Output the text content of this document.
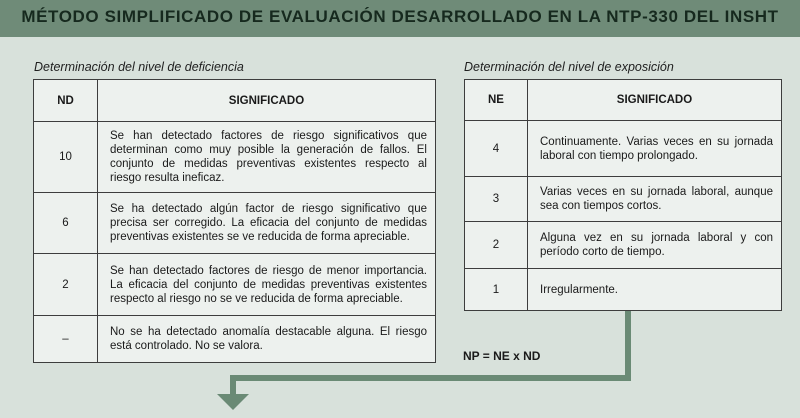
MÉTODO SIMPLIFICADO DE EVALUACIÓN DESARROLLADO EN LA NTP-330 DEL INSHT
Determinación del nivel de deficiencia	Determinación del nivel de exposición
ND	SIGNIFICADO
10	Se han detectado factores de riesgo significativos que determinan como muy posible la generación de fallos. El conjunto de medidas preventivas existentes respecto al riesgo resulta ineficaz.
6	Se ha detectado algún factor de riesgo significativo que precisa ser corregido. La eficacia del conjunto de medidas preventivas existentes se ve reducida de forma apreciable.
2	Se han detectado factores de riesgo de menor importancia. La eficacia del conjunto de medidas preventivas existentes respecto al riesgo no se ve reducida de forma apreciable.
–	No se ha detectado anomalía destacable alguna. El riesgo está controlado. No se valora.
NE	SIGNIFICADO
4	Continuamente. Varias veces en su jornada laboral con tiempo prolongado.
3	Varias veces en su jornada laboral, aunque sea con tiempos cortos.
2	Alguna vez en su jornada laboral y con período corto de tiempo.
1	Irregularmente.
NP = NE x ND
